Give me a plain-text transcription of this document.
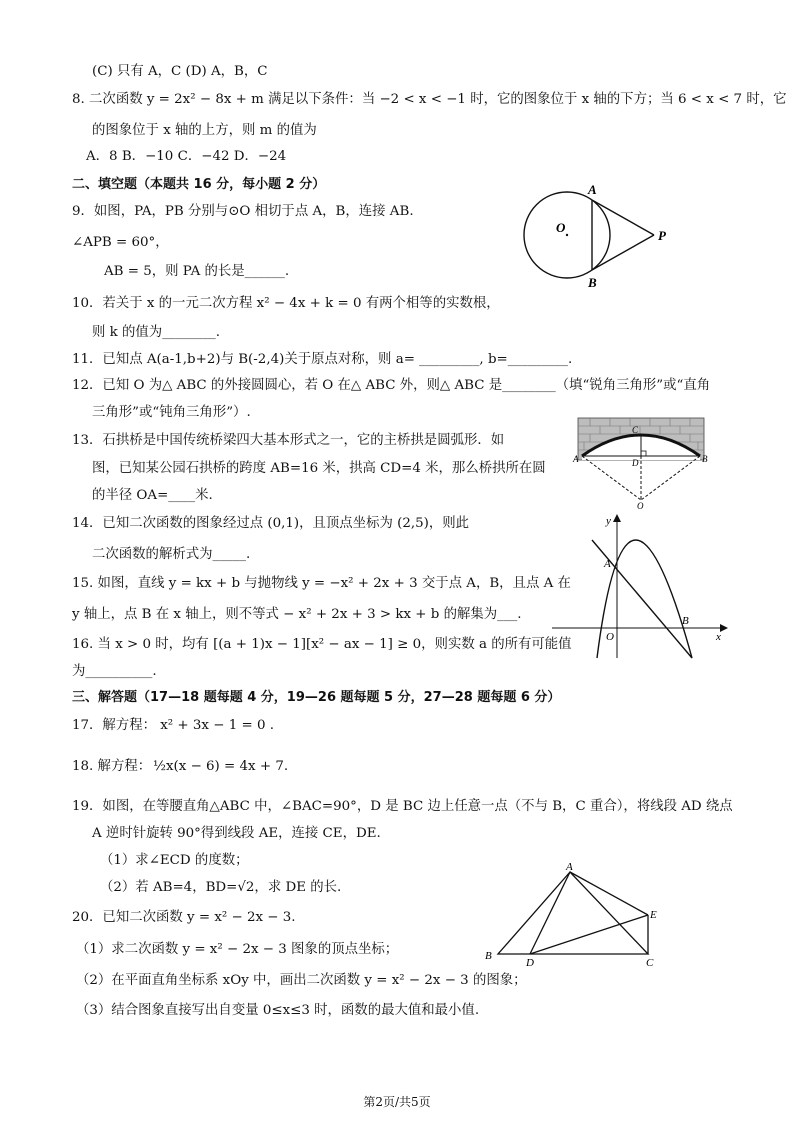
(C) 只有 A，C (D) A，B，C
8. 二次函数 y = 2x² − 8x + m 满足以下条件：当 −2 < x < −1 时，它的图象位于 x 轴的下方；当 6 < x < 7 时，它
的图象位于 x 轴的上方，则 m 的值为
A．8 B．−10 C．−42 D．−24
二、填空题（本题共 16 分，每小题 2 分）
9．如图，PA，PB 分别与⊙O 相切于点 A，B，连接 AB.
∠APB = 60°，
AB = 5，则 PA 的长是______.
10．若关于 x 的一元二次方程 x² − 4x + k = 0 有两个相等的实数根，
则 k 的值为________.
11．已知点 A(a-1,b+2)与 B(-2,4)关于原点对称，则 a= _________, b=_________.
12．已知 O 为△ ABC 的外接圆圆心，若 O 在△ ABC 外，则△ ABC 是________（填“锐角三角形”或“直角
三角形”或“钝角三角形”）.
13．石拱桥是中国传统桥梁四大基本形式之一，它的主桥拱是圆弧形．如
图，已知某公园石拱桥的跨度 AB=16 米，拱高 CD=4 米，那么桥拱所在圆
的半径 OA=____米.
14．已知二次函数的图象经过点 (0,1)，且顶点坐标为 (2,5)，则此
二次函数的解析式为_____.
15. 如图，直线 y = kx + b 与抛物线 y = −x² + 2x + 3 交于点 A，B，且点 A 在
y 轴上，点 B 在 x 轴上，则不等式 − x² + 2x + 3 > kx + b 的解集为___.
16. 当 x > 0 时，均有 [(a + 1)x − 1][x² − ax − 1] ≥ 0，则实数 a 的所有可能值
为__________.
三、解答题（17—18 题每题 4 分，19—26 题每题 5 分，27—28 题每题 6 分）
17．解方程： x² + 3x − 1 = 0 .
18. 解方程： ½x(x − 6) = 4x + 7.
19．如图，在等腰直角△ABC 中，∠BAC=90°，D 是 BC 边上任意一点（不与 B，C 重合），将线段 AD 绕点
A 逆时针旋转 90°得到线段 AE，连接 CE，DE.
（1）求∠ECD 的度数；
（2）若 AB=4，BD=√2，求 DE 的长.
20．已知二次函数 y = x² − 2x − 3.
（1）求二次函数 y = x² − 2x − 3 图象的顶点坐标；
（2）在平面直角坐标系 xOy 中，画出二次函数 y = x² − 2x − 3 的图象；
（3）结合图象直接写出自变量 0≤x≤3 时，函数的最大值和最小值.
A
O
P
B
A	B
C
D
O
y
A
O
B
x
A
E
B
D	C
第2页/共5页
